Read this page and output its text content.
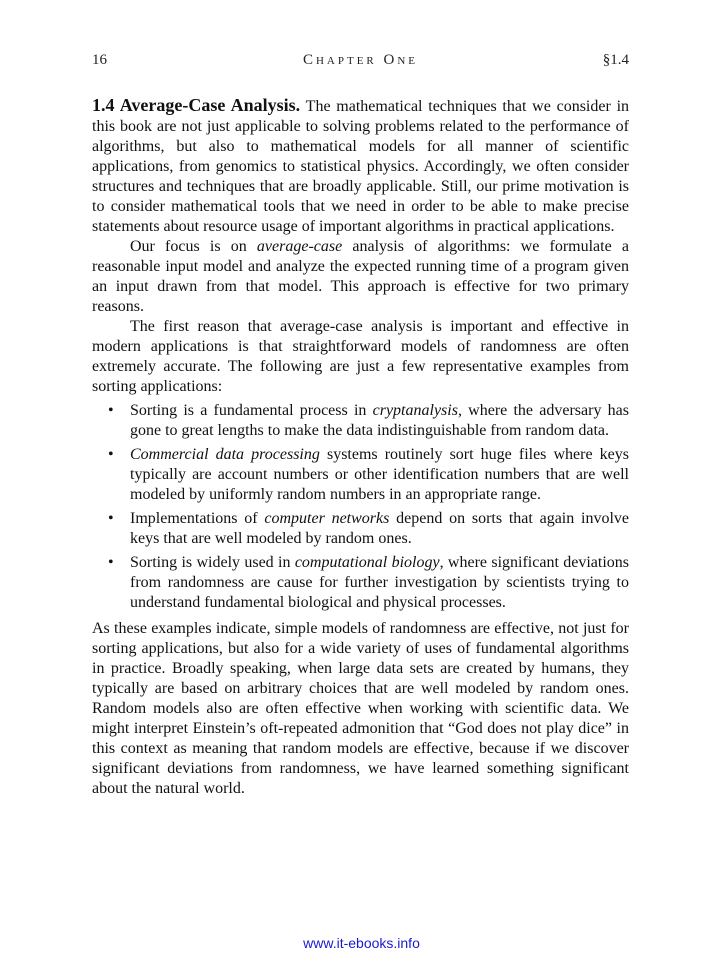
16	Chapter One	§1.4

1.4 Average-Case Analysis. The mathematical techniques that we consider in this book are not just applicable to solving problems related to the performance of algorithms, but also to mathematical models for all manner of scientific applications, from genomics to statistical physics. Accordingly, we often consider structures and techniques that are broadly applicable. Still, our prime motivation is to consider mathematical tools that we need in order to be able to make precise statements about resource usage of important algorithms in practical applications.

Our focus is on average-case analysis of algorithms: we formulate a reasonable input model and analyze the expected running time of a program given an input drawn from that model. This approach is effective for two primary reasons.

The first reason that average-case analysis is important and effective in modern applications is that straightforward models of randomness are often extremely accurate. The following are just a few representative examples from sorting applications:

• Sorting is a fundamental process in cryptanalysis, where the adversary has gone to great lengths to make the data indistinguishable from random data.
• Commercial data processing systems routinely sort huge files where keys typically are account numbers or other identification numbers that are well modeled by uniformly random numbers in an appropriate range.
• Implementations of computer networks depend on sorts that again involve keys that are well modeled by random ones.
• Sorting is widely used in computational biology, where significant deviations from randomness are cause for further investigation by scientists trying to understand fundamental biological and physical processes.

As these examples indicate, simple models of randomness are effective, not just for sorting applications, but also for a wide variety of uses of fundamental algorithms in practice. Broadly speaking, when large data sets are created by humans, they typically are based on arbitrary choices that are well modeled by random ones. Random models also are often effective when working with scientific data. We might interpret Einstein’s oft-repeated admonition that “God does not play dice” in this context as meaning that random models are effective, because if we discover significant deviations from randomness, we have learned something significant about the natural world.

www.it-ebooks.info
